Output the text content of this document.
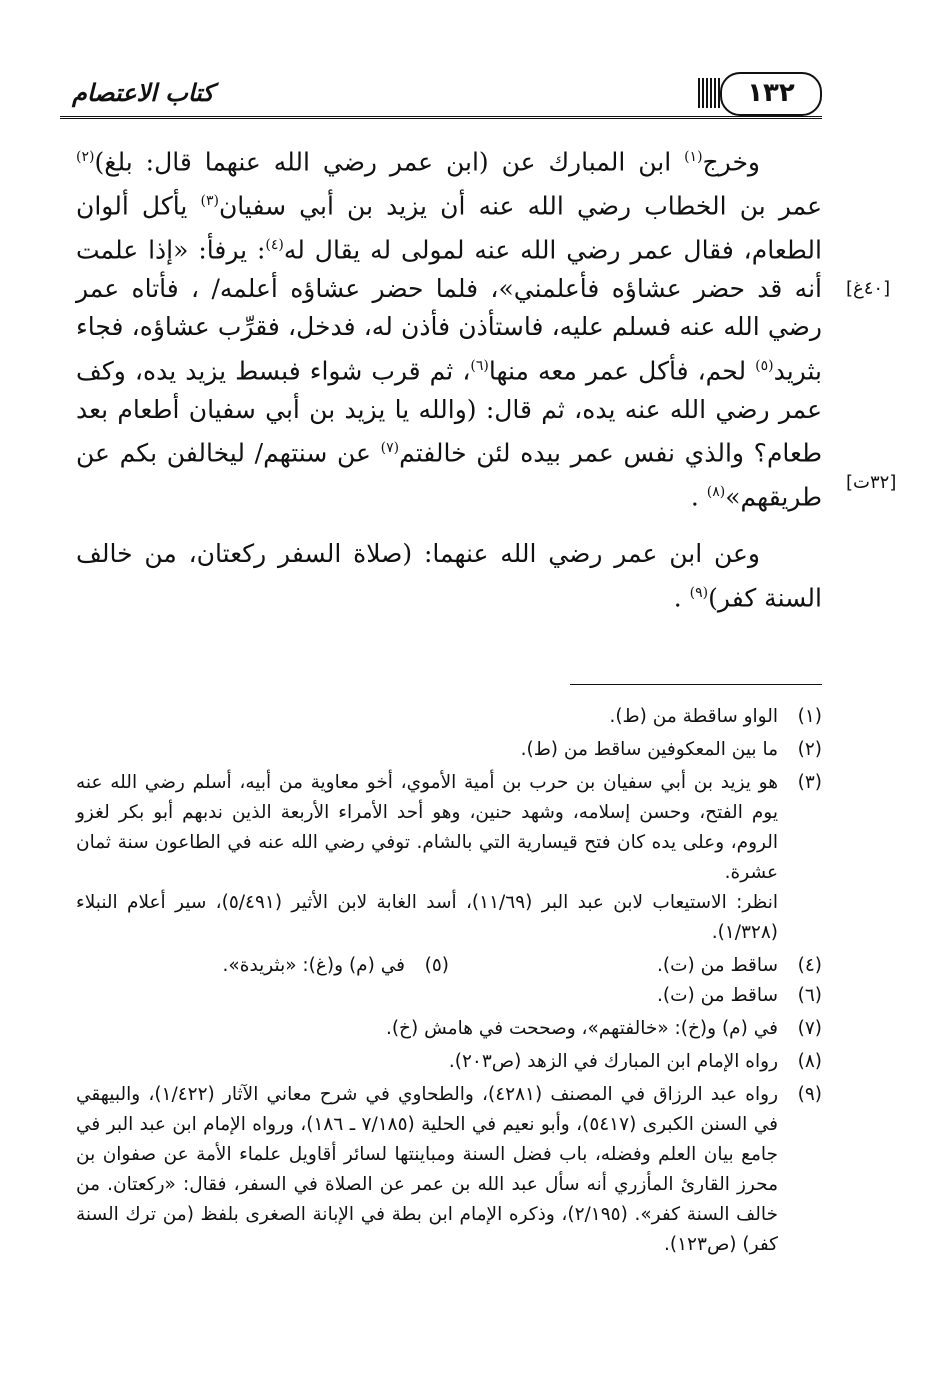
كتاب الاعتصام	١٣٢
[٤٠غ]
[٣٢ت]

وخرج$^{(١)}$ ابن المبارك عن (ابن عمر رضي الله عنهما قال: بلغ)$^{(٢)}$ عمر بن الخطاب رضي الله عنه أن يزيد بن أبي سفيان$^{(٣)}$ يأكل ألوان الطعام، فقال عمر رضي الله عنه لمولى له يقال له$^{(٤)}$: يرفأ: «إذا علمت أنه قد حضر عشاؤه فأعلمني»، فلما حضر عشاؤه أعلمه/ ، فأتاه عمر رضي الله عنه فسلم عليه، فاستأذن فأذن له، فدخل، فقرِّب عشاؤه، فجاء بثريد$^{(٥)}$ لحم، فأكل عمر معه منها$^{(٦)}$، ثم قرب شواء فبسط يزيد يده، وكف عمر رضي الله عنه يده، ثم قال: (والله يا يزيد بن أبي سفيان أطعام بعد طعام؟ والذي نفس عمر بيده لئن خالفتم$^{(٧)}$ عن سنتهم/ ليخالفن بكم عن طريقهم»$^{(٨)}$ .

وعن ابن عمر رضي الله عنهما: (صلاة السفر ركعتان، من خالف السنة كفر)$^{(٩)}$ .

(١)
الواو ساقطة من (ط).
(٢)
ما بين المعكوفين ساقط من (ط).
(٣)
هو يزيد بن أبي سفيان بن حرب بن أمية الأموي، أخو معاوية من أبيه، أسلم رضي الله عنه يوم الفتح، وحسن إسلامه، وشهد حنين، وهو أحد الأمراء الأربعة الذين ندبهم أبو بكر لغزو الروم، وعلى يده كان فتح قيسارية التي بالشام. توفي رضي الله عنه في الطاعون سنة ثمان عشرة.
انظر: الاستيعاب لابن عبد البر (١١/٦٩)، أسد الغابة لابن الأثير (٥/٤٩١)، سير أعلام النبلاء (١/٣٢٨).
(٤)
ساقط من (ت).
(٥)
في (م) و(غ): «بثريدة».
(٦)
ساقط من (ت).
(٧)
في (م) و(خ): «خالفتهم»، وصححت في هامش (خ).
(٨)
رواه الإمام ابن المبارك في الزهد (ص٢٠٣).
(٩)
رواه عبد الرزاق في المصنف (٤٢٨١)، والطحاوي في شرح معاني الآثار (١/٤٢٢)، والبيهقي في السنن الكبرى (٥٤١٧)، وأبو نعيم في الحلية (٧/١٨٥ ـ ١٨٦)، ورواه الإمام ابن عبد البر في جامع بيان العلم وفضله، باب فضل السنة ومباينتها لسائر أقاويل علماء الأمة عن صفوان بن محرز القارئ المأزري أنه سأل عبد الله بن عمر عن الصلاة في السفر، فقال: «ركعتان. من خالف السنة كفر». (٢/١٩٥)، وذكره الإمام ابن بطة في الإبانة الصغرى بلفظ (من ترك السنة كفر) (ص١٢٣).
